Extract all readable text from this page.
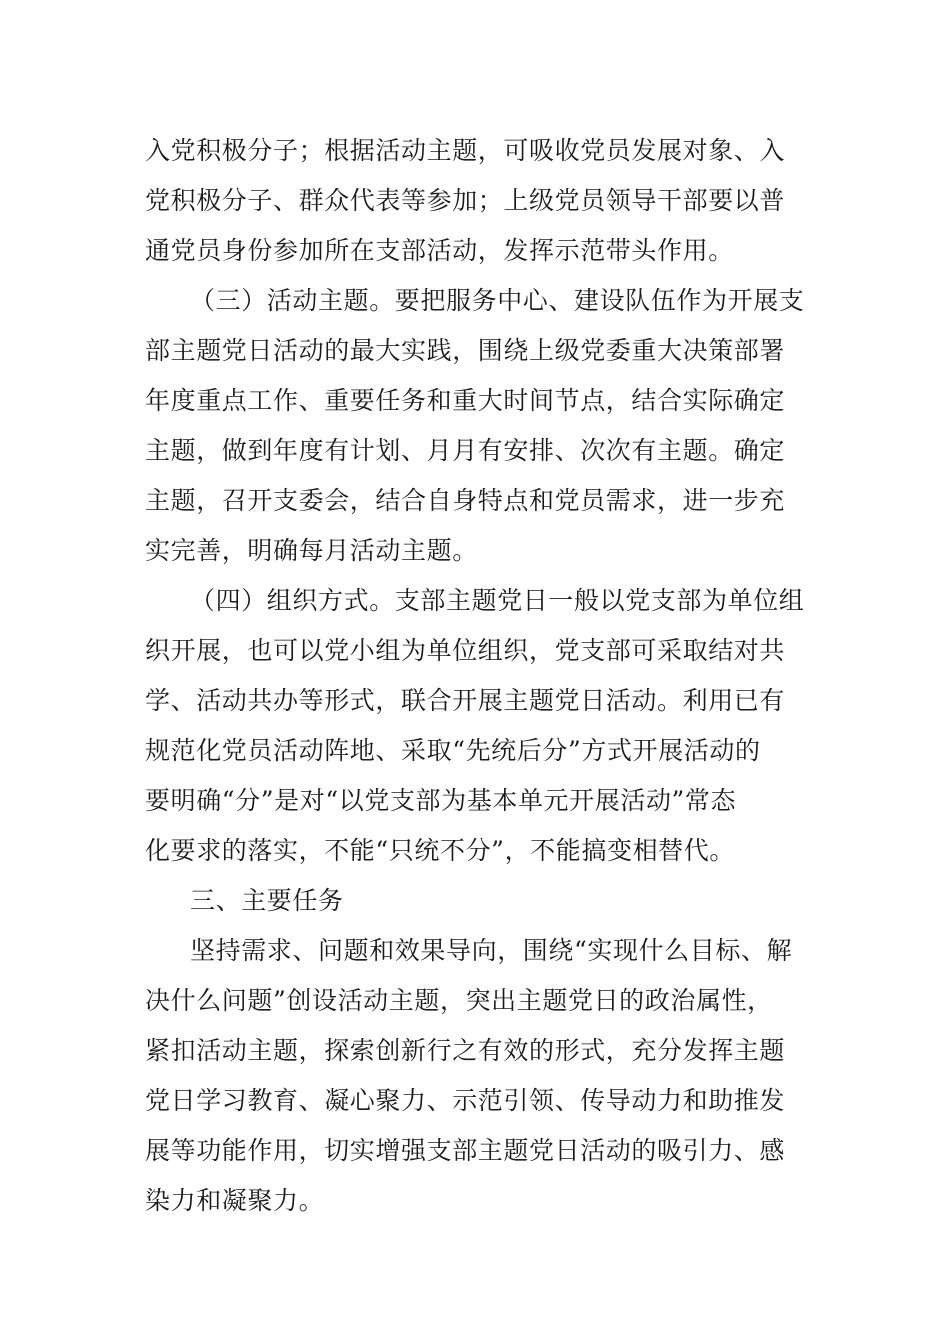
入党积极分子；根据活动主题，可吸收党员发展对象、入
党积极分子、群众代表等参加；上级党员领导干部要以普
通党员身份参加所在支部活动，发挥示范带头作用。
（三）活动主题。要把服务中心、建设队伍作为开展支
部主题党日活动的最大实践，围绕上级党委重大决策部署
年度重点工作、重要任务和重大时间节点，结合实际确定
主题，做到年度有计划、月月有安排、次次有主题。确定
主题，召开支委会，结合自身特点和党员需求，进一步充
实完善，明确每月活动主题。
（四）组织方式。支部主题党日一般以党支部为单位组
织开展，也可以党小组为单位组织，党支部可采取结对共
学、活动共办等形式，联合开展主题党日活动。利用已有
规范化党员活动阵地、采取“先统后分”方式开展活动的
要明确“分”是对“以党支部为基本单元开展活动”常态
化要求的落实，不能“只统不分”，不能搞变相替代。
三、主要任务
坚持需求、问题和效果导向，围绕“实现什么目标、解
决什么问题”创设活动主题，突出主题党日的政治属性，
紧扣活动主题，探索创新行之有效的形式，充分发挥主题
党日学习教育、凝心聚力、示范引领、传导动力和助推发
展等功能作用，切实增强支部主题党日活动的吸引力、感
染力和凝聚力。
